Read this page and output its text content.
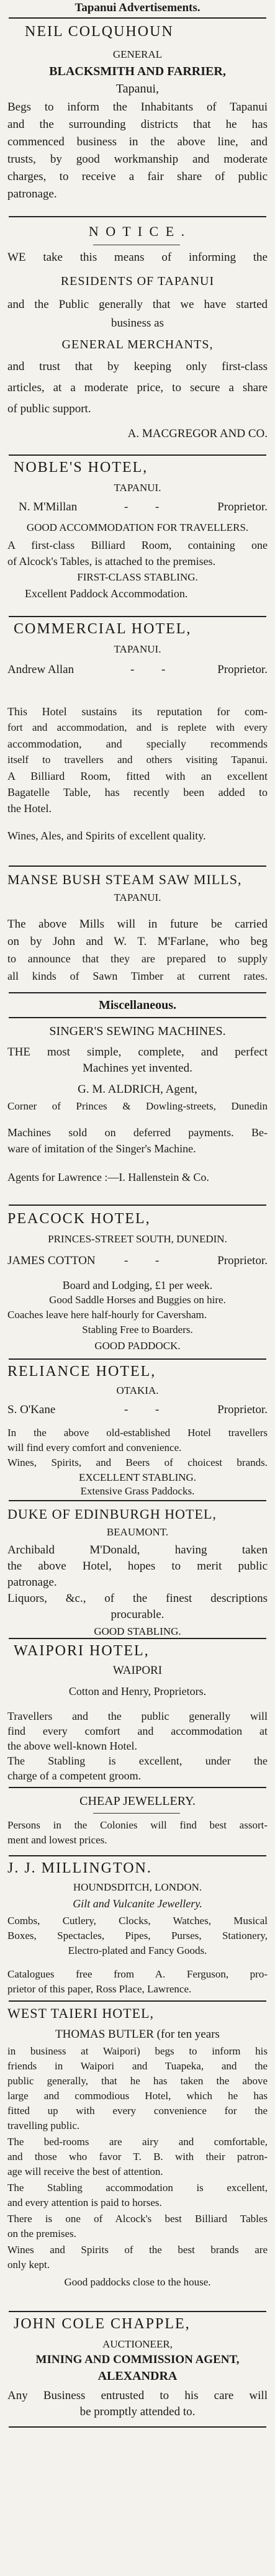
Tapanui Advertisements.
NEIL COLQUHOUN
GENERAL
BLACKSMITH AND FARRIER,
Tapanui,
Begs to inform the Inhabitants of Tapanui
and the surrounding districts that he has
commenced business in the above line, and
trusts, by good workmanship and moderate
charges, to receive a fair share of public
patronage.
N O T I C E .
WE take this means of informing the
RESIDENTS OF TAPANUI
and the Public generally that we have started
business as
GENERAL MERCHANTS,
and trust that by keeping only first-class
articles, at a moderate price, to secure a share
of public support.
A. MACGREGOR AND CO.
NOBLE'S HOTEL,
TAPANUI.
N. M'Millan	-	-	Proprietor.
GOOD ACCOMMODATION FOR TRAVELLERS.
A first-class Billiard Room, containing one
of Alcock's Tables, is attached to the premises.
FIRST-CLASS STABLING.
Excellent Paddock Accommodation.
COMMERCIAL HOTEL,
TAPANUI.
Andrew Allan	-	-	Proprietor.
This Hotel sustains its reputation for com-
fort and accommodation, and is replete with every
accommodation, and specially recommends
itself to travellers and others visiting Tapanui.
A Billiard Room, fitted with an excellent
Bagatelle Table, has recently been added to
the Hotel.
Wines, Ales, and Spirits of excellent quality.
MANSE BUSH STEAM SAW MILLS,
TAPANUI.
The above Mills will in future be carried
on by John and W. T. M'Farlane, who beg
to announce that they are prepared to supply
all kinds of Sawn Timber at current rates.
Miscellaneous.
SINGER'S SEWING MACHINES.
THE most simple, complete, and perfect
Machines yet invented.
G. M. ALDRICH, Agent,
Corner of Princes & Dowling-streets, Dunedin
Machines sold on deferred payments. Be-
ware of imitation of the Singer's Machine.
Agents for Lawrence :—I. Hallenstein & Co.
PEACOCK HOTEL,
PRINCES-STREET SOUTH, DUNEDIN.
JAMES COTTON	-	-	Proprietor.
Board and Lodging, £1 per week.
Good Saddle Horses and Buggies on hire.
Coaches leave here half-hourly for Caversham.
Stabling Free to Boarders.
GOOD PADDOCK.
RELIANCE HOTEL,
OTAKIA.
S. O'Kane	-	-	Proprietor.
In the above old-established Hotel travellers
will find every comfort and convenience.
Wines, Spirits, and Beers of choicest brands.
EXCELLENT STABLING.
Extensive Grass Paddocks.
DUKE OF EDINBURGH HOTEL,
BEAUMONT.
Archibald M'Donald, having taken
the above Hotel, hopes to merit public
patronage.
Liquors, &c., of the finest descriptions
procurable.
GOOD STABLING.
WAIPORI HOTEL,
WAIPORI
Cotton and Henry, Proprietors.
Travellers and the public generally will
find every comfort and accommodation at
the above well-known Hotel.
The Stabling is excellent, under the
charge of a competent groom.
CHEAP JEWELLERY.
Persons in the Colonies will find best assort-
ment and lowest prices.
J. J. MILLINGTON.
HOUNDSDITCH, LONDON.
Gilt and Vulcanite Jewellery.
Combs, Cutlery, Clocks, Watches, Musical
Boxes, Spectacles, Pipes, Purses, Stationery,
Electro-plated and Fancy Goods.
Catalogues free from A. Ferguson, pro-
prietor of this paper, Ross Place, Lawrence.
WEST TAIERI HOTEL,
THOMAS BUTLER (for ten years
in business at Waipori) begs to inform his
friends in Waipori and Tuapeka, and the
public generally, that he has taken the above
large and commodious Hotel, which he has
fitted up with every convenience for the
travelling public.
The bed-rooms are airy and comfortable,
and those who favor T. B. with their patron-
age will receive the best of attention.
The Stabling accommodation is excellent,
and every attention is paid to horses.
There is one of Alcock's best Billiard Tables
on the premises.
Wines and Spirits of the best brands are
only kept.
Good paddocks close to the house.
JOHN COLE CHAPPLE,
AUCTIONEER,
MINING AND COMMISSION AGENT,
ALEXANDRA
Any Business entrusted to his care will
be promptly attended to.
